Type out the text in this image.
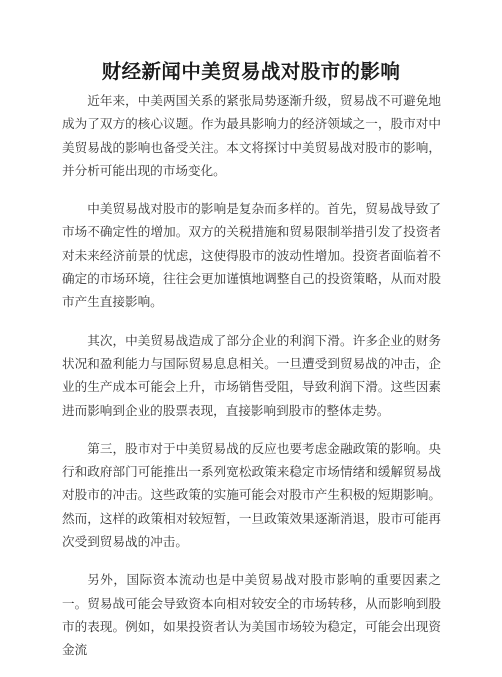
财经新闻中美贸易战对股市的影响

近年来，中美两国关系的紧张局势逐渐升级，贸易战不可避免地成为了双方的核心议题。作为最具影响力的经济领域之一，股市对中美贸易战的影响也备受关注。本文将探讨中美贸易战对股市的影响，并分析可能出现的市场变化。

中美贸易战对股市的影响是复杂而多样的。首先，贸易战导致了市场不确定性的增加。双方的关税措施和贸易限制举措引发了投资者对未来经济前景的忧虑，这使得股市的波动性增加。投资者面临着不确定的市场环境，往往会更加谨慎地调整自己的投资策略，从而对股市产生直接影响。

其次，中美贸易战造成了部分企业的利润下滑。许多企业的财务状况和盈利能力与国际贸易息息相关。一旦遭受到贸易战的冲击，企业的生产成本可能会上升，市场销售受阻，导致利润下滑。这些因素进而影响到企业的股票表现，直接影响到股市的整体走势。

第三，股市对于中美贸易战的反应也要考虑金融政策的影响。央行和政府部门可能推出一系列宽松政策来稳定市场情绪和缓解贸易战对股市的冲击。这些政策的实施可能会对股市产生积极的短期影响。然而，这样的政策相对较短暂，一旦政策效果逐渐消退，股市可能再次受到贸易战的冲击。

另外，国际资本流动也是中美贸易战对股市影响的重要因素之一。贸易战可能会导致资本向相对较安全的市场转移，从而影响到股市的表现。例如，如果投资者认为美国市场较为稳定，可能会出现资金流
